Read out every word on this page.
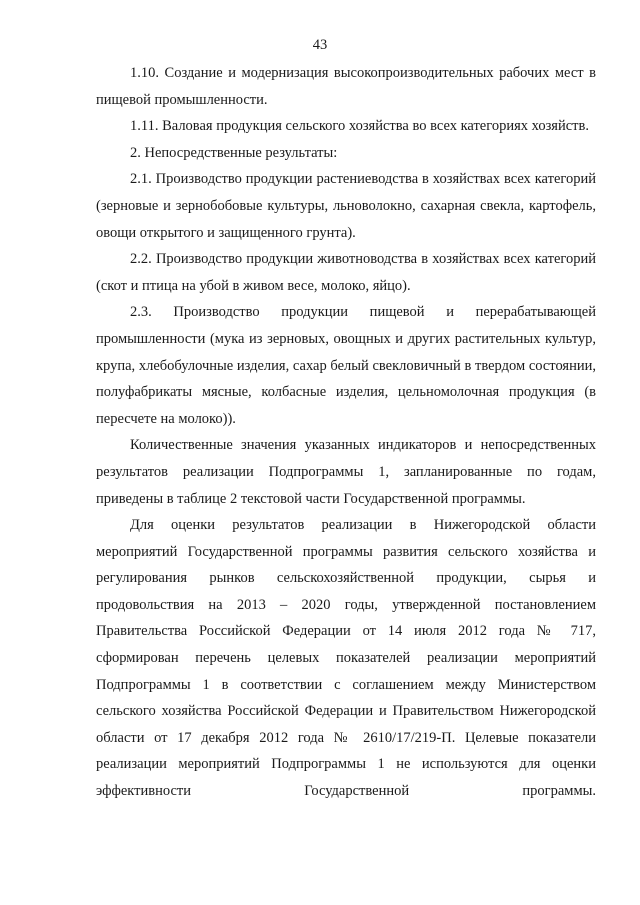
43

1.10. Создание и модернизация высокопроизводительных рабочих мест в пищевой промышленности.

1.11. Валовая продукция сельского хозяйства во всех категориях хозяйств.

2. Непосредственные результаты:

2.1. Производство продукции растениеводства в хозяйствах всех категорий (зерновые и зернобобовые культуры, льноволокно, сахарная свекла, картофель, овощи открытого и защищенного грунта).

2.2. Производство продукции животноводства в хозяйствах всех категорий (скот и птица на убой в живом весе, молоко, яйцо).

2.3. Производство продукции пищевой и перерабатывающей промышленности (мука из зерновых, овощных и других растительных культур, крупа, хлебобулочные изделия, сахар белый свекловичный в твердом состоянии, полуфабрикаты мясные, колбасные изделия, цельномолочная продукция (в пересчете на молоко)).

Количественные значения указанных индикаторов и непосредственных результатов реализации Подпрограммы 1, запланированные по годам, приведены в таблице 2 текстовой части Государственной программы.

Для оценки результатов реализации в Нижегородской области мероприятий Государственной программы развития сельского хозяйства и регулирования рынков сельскохозяйственной продукции, сырья и продовольствия на 2013 – 2020 годы, утвержденной постановлением Правительства Российской Федерации от 14 июля 2012 года № 717, сформирован перечень целевых показателей реализации мероприятий Подпрограммы 1 в соответствии с соглашением между Министерством сельского хозяйства Российской Федерации и Правительством Нижегородской области от 17 декабря 2012 года № 2610/17/219-П. Целевые показатели реализации мероприятий Подпрограммы 1 не используются для оценки эффективности Государственной программы.
